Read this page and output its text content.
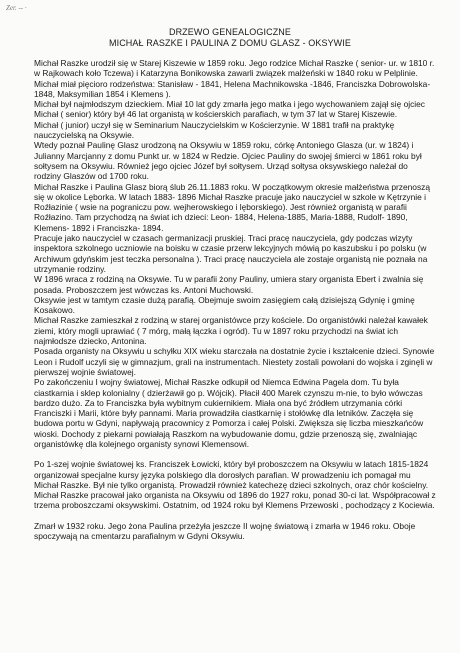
Zer. -- ·
DRZEWO GENEALOGICZNE
MICHAŁ RASZKE I PAULINA Z DOMU GLASZ - OKSYWIE

Michał Raszke urodził się w Starej Kiszewie w 1859 roku. Jego rodzice Michał Raszke ( senior- ur. w 1810 r. w Rajkowach koło Tczewa) i Katarzyna Bonikowska zawarli związek małżeński w 1840 roku w Pelplinie. Michał miał pięcioro rodzeństwa: Stanisław - 1841, Helena Machnikowska -1846, Franciszka Dobrowolska-1848, Maksymilian 1854 i Klemens ).

Michał był najmłodszym dzieckiem. Miał 10 lat gdy zmarła jego matka i jego wychowaniem zajął się ojciec Michał ( senior) który był 46 lat organistą w kościerskich parafiach, w tym 37 lat w Starej Kiszewie.

Michał ( junior) uczył się w Seminarium Nauczycielskim w Kościerzynie. W 1881 trafił na praktykę nauczycielską na Oksywie.

Wtedy poznał Paulinę Glasz urodzoną na Oksywiu w 1859 roku, córkę Antoniego Glasza (ur. w 1824) i Julianny Marcjanny z domu Punkt ur. w 1824 w Redzie. Ojciec Pauliny do swojej śmierci w 1861 roku był sołtysem na Oksywiu. Również jego ojciec Józef był sołtysem. Urząd sołtysa oksywskiego należał do rodziny Glaszów od 1700 roku.

Michał Raszke i Paulina Glasz biorą ślub 26.11.1883 roku. W początkowym okresie małżeństwa przenoszą się w okolice Lęborka. W latach 1883- 1896 Michał Raszke pracuje jako nauczyciel w szkole w Kętrzynie i Roźłazinie ( wsie na pograniczu pow. wejherowskiego i lęborskiego). Jest również organistą w parafii Roźłazino. Tam przychodzą na świat ich dzieci: Leon- 1884, Helena-1885, Maria-1888, Rudolf- 1890, Klemens- 1892 i Franciszka- 1894.

Pracuje jako nauczyciel w czasach germanizacji pruskiej. Traci pracę nauczyciela, gdy podczas wizyty inspektora szkolnego uczniowie na boisku w czasie przerw lekcyjnych mówią po kaszubsku i po polsku (w Archiwum gdyńskim jest teczka personalna ). Traci pracę nauczyciela ale zostaje organistą nie poznała na utrzymanie rodziny.

W 1896 wraca z rodziną na Oksywie. Tu w parafii żony Pauliny, umiera stary organista Ebert i zwalnia się posada. Proboszczem jest wówczas ks. Antoni Muchowski.

Oksywie jest w tamtym czasie dużą parafią. Obejmuje swoim zasięgiem całą dzisiejszą Gdynię i gminę Kosakowo.

Michał Raszke zamieszkał z rodziną w starej organistówce przy kościele. Do organistówki należał kawałek ziemi, który mogli uprawiać ( 7 mórg, małą łączka i ogród). Tu w 1897 roku przychodzi na świat ich najmłodsze dziecko, Antonina.

Posada organisty na Oksywiu u schyłku XIX wieku starczała na dostatnie życie i kształcenie dzieci. Synowie Leon i Rudolf uczyli się w gimnazjum, grali na instrumentach. Niestety zostali powołani do wojska i zginęli w pierwszej wojnie światowej.

Po zakończeniu I wojny światowej, Michał Raszke odkupił od Niemca Edwina Pagela dom. Tu była ciastkarnia i sklep kolonialny ( dzierżawił go p. Wójcik). Płacił 400 Marek czynszu m-nie, to było wówczas bardzo dużo. Za to Franciszka była wybitnym cukiernikiem. Miała ona być źródłem utrzymania córki Franciszki i Marii, które były pannami. Maria prowadziła ciastkarnię i stołówkę dla letników. Zaczęła się budowa portu w Gdyni, napływają pracownicy z Pomorza i całej Polski. Zwiększa się liczba mieszkańców wioski. Dochody z piekarni powiałają Raszkom na wybudowanie domu, gdzie przenoszą się, zwalniając organistówkę dla kolejnego organisty synowi Klemensowi.

Po 1-szej wojnie światowej ks. Franciszek Łowicki, który był proboszczem na Oksywiu w latach 1815-1824 organizował specjalne kursy języka polskiego dla dorosłych parafian. W prowadzeniu ich pomagał mu Michał Raszke. Był nie tylko organistą. Prowadził również katechezę dzieci szkolnych, oraz chór kościelny.

Michał Raszke pracował jako organista na Oksywiu od 1896 do 1927 roku, ponad 30-ci lat. Współpracował z trzema proboszczami oksywskimi. Ostatnim, od 1924 roku był Klemens Przewoski , pochodzący z Kociewia.

Zmarł w 1932 roku. Jego żona Paulina przeżyła jeszcze II wojnę światową i zmarła w 1946 roku. Oboje spoczywają na cmentarzu parafialnym w Gdyni Oksywiu.
